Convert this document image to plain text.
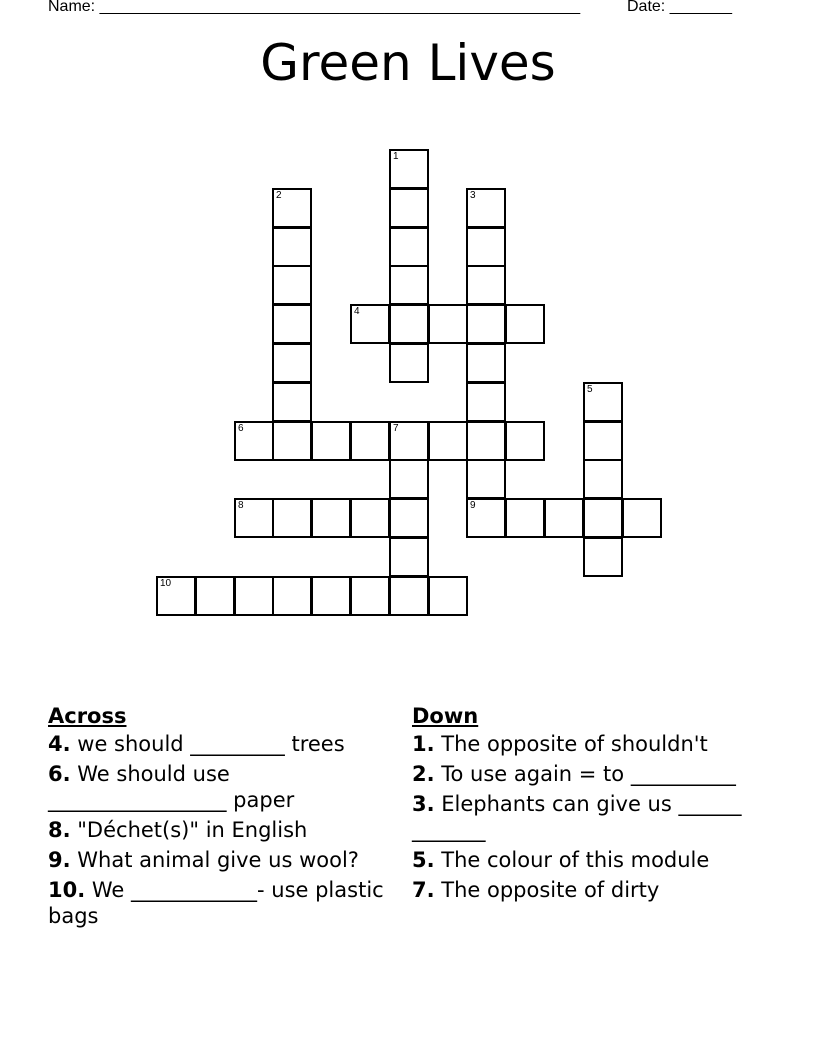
Name: ______________________________________________________	Date: _______
Green Lives
1
2	3
9
4
5
6	7
8
10
Across
4. we should _________ trees
6. We should use _________________ paper
8. "Déchet(s)" in English
9. What animal give us wool?
10. We ____________- use plastic bags
Down
1. The opposite of shouldn't
2. To use again = to __________
3. Elephants can give us ______ _______
5. The colour of this module
7. The opposite of dirty
